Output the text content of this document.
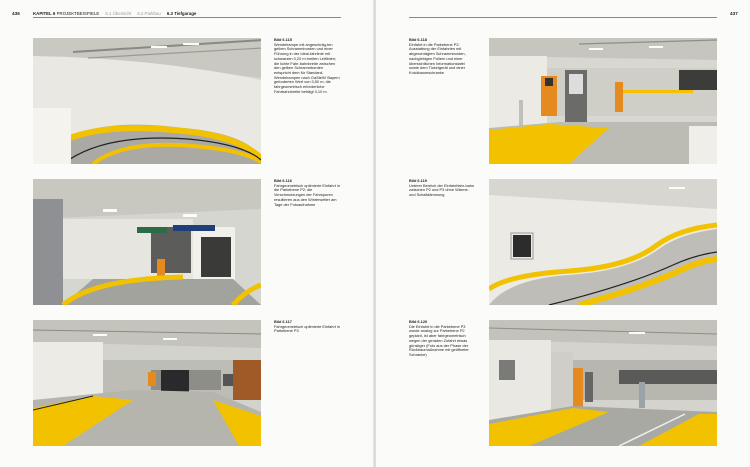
436	KAPITEL 6 PROJEKTBEISPIELE 6.1 Übersicht 6.2 Parkbau 6.3 Tiefgarage
Bild 6.115
Wendelrampe mit angeschräg-ten gelben Schrammborden und einer Führung in der Ideal-fahrlinie mit schwarzen 0,20 m breiten Leitlinien; die lichte Fahr-bahnbreite zwischen den gelben Schrammborden entspricht dem für Standard-Wendelrampen nach GaStellV Bayern geforderten Wert von 3,50 m, die fahrgeometrisch erforderliche Fahrbahnbreite beträgt 3,10 m
Bild 6.116
Fahrgeometrisch optimierte Einfahrt in die Parkebene P2; die Verschmutzungen der Fahrspuren resultieren aus den Winterwetter am Tage der Fotoaufnahme
Bild 6.117
Fahrgeometrisch optimierte Einfahrt in Parkebene P3
437
Bild 6.118
Einfahrt in die Parkebene P2: Ausstattung der Einfahrten mit abgeschrägten Schrammborden, nachgiebigen Pollern und einer übersichtlichen Informationstafel sowie dem Ticketgerät und einer Knickbaumschranke
Bild 6.119
Unterer Bereich der Einfahrtfahr-bahn zwischen P2 und P3 ohne Wärme- und Schalldämmung
Bild 6.120
Die Einfahrt in die Parkebene P3 wurde analog zur Parkebene P2 geplant, ist aber fahrgeometrisch wegen der geraden Zufahrt etwas günstiger (Foto aus der Phase der Rückbaumaßnahme mit geöffneter Schranke)
